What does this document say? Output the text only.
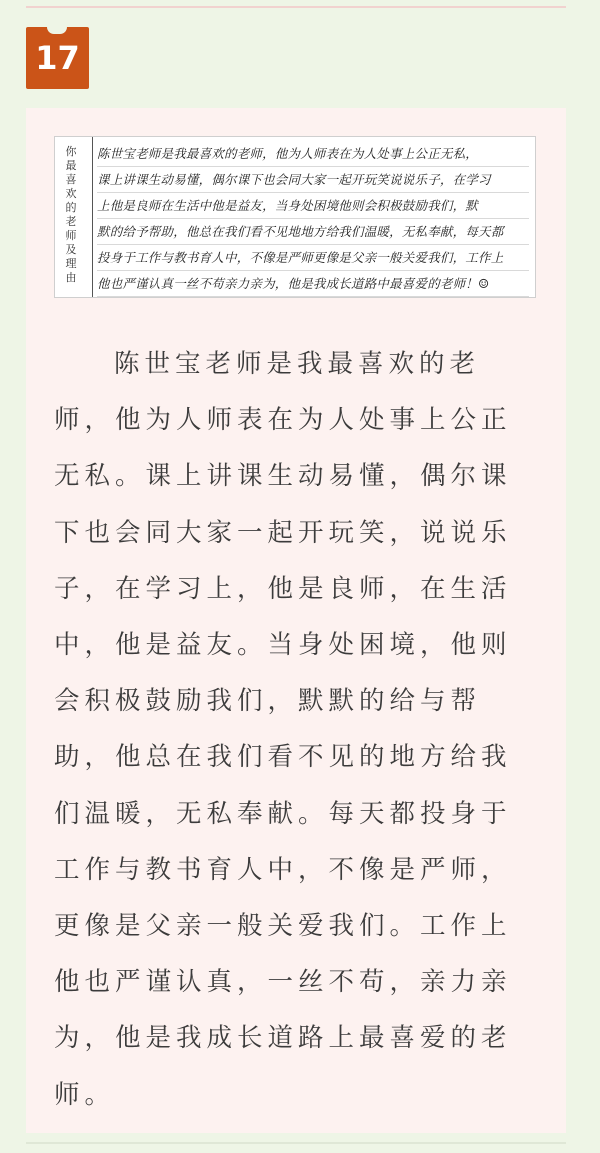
17
你
最
喜
欢
的
老
师
及
理
由
陈世宝老师是我最喜欢的老师，他为人师表在为人处事上公正无私，
课上讲课生动易懂，偶尔课下也会同大家一起开玩笑说说乐子，在学习
上他是良师在生活中他是益友，当身处困境他则会积极鼓励我们，默
默的给予帮助，他总在我们看不见地地方给我们温暖，无私奉献，每天都
投身于工作与教书育人中，不像是严师更像是父亲一般关爱我们，工作上
他也严谨认真一丝不苟亲力亲为，他是我成长道路中最喜爱的老师！☺

陈世宝老师是我最喜欢的老师，他为人师表在为人处事上公正无私。课上讲课生动易懂，偶尔课下也会同大家一起开玩笑，说说乐子，在学习上，他是良师，在生活中，他是益友。当身处困境，他则会积极鼓励我们，默默的给与帮助，他总在我们看不见的地方给我们温暖，无私奉献。每天都投身于工作与教书育人中，不像是严师，更像是父亲一般关爱我们。工作上他也严谨认真，一丝不苟，亲力亲为，他是我成长道路上最喜爱的老师。
